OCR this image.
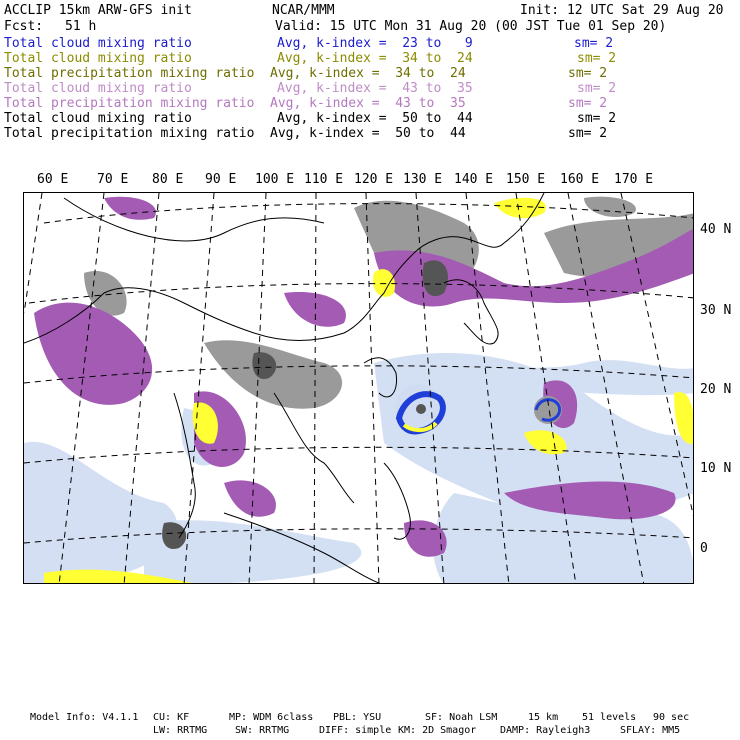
ACCLIP 15km ARW-GFS init	NCAR/MMM	Init: 12 UTC Sat 29 Aug 20
Fcst: 51 h	Valid: 15 UTC Mon 31 Aug 20 (00 JST Tue 01 Sep 20)
Total cloud mixing ratio	Avg, k-index =  23 to   9	sm= 2
Total cloud mixing ratio	Avg, k-index =  34 to  24	sm= 2
Total precipitation mixing ratio Avg, k-index =  34 to  24	sm= 2
Total cloud mixing ratio	Avg, k-index =  43 to  35	sm= 2
Total precipitation mixing ratio Avg, k-index =  43 to  35	sm= 2
Total cloud mixing ratio	Avg, k-index =  50 to  44	sm= 2
Total precipitation mixing ratio Avg, k-index =  50 to  44	sm= 2
60 E 70 E 80 E 90 E 100 E 110 E 120 E 130 E 140 E 150 E 160 E 170 E
40 N
30 N
20 N
10 N
0
Model Info: V4.1.1 CU: KF	MP: WDM 6class PBL: YSU	SF: Noah LSM	15 km 51 levels 90 sec
LW: RRTMG	SW: RRTMG	DIFF: simple KM: 2D Smagor DAMP: Rayleigh3	SFLAY: MM5
